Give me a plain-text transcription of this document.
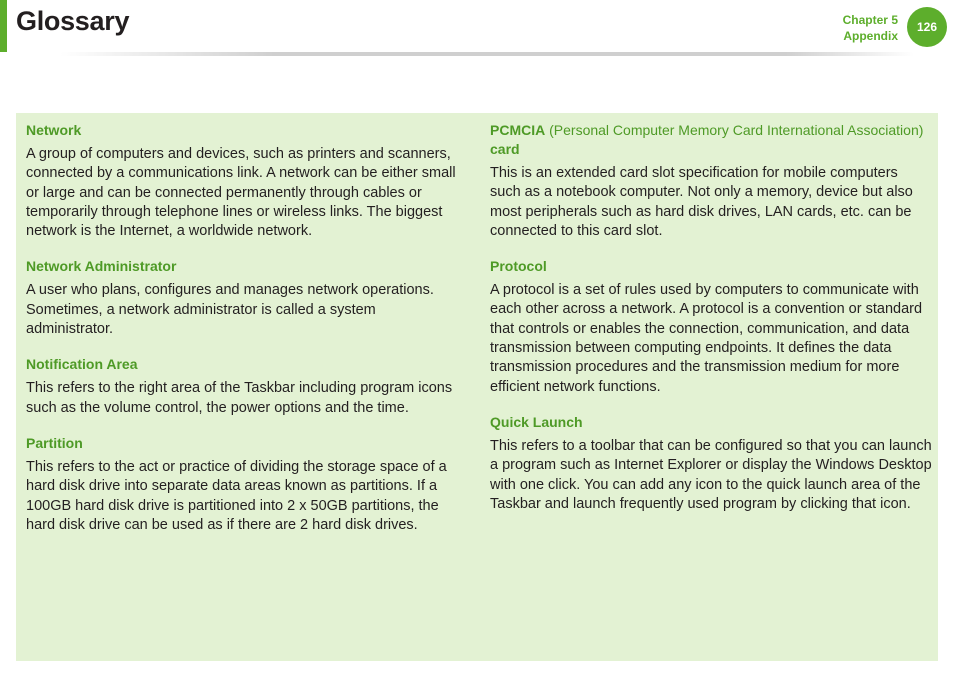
Glossary	Chapter 5
Appendix
126
Network
A group of computers and devices, such as printers and scanners, connected by a communications link. A network can be either small or large and can be connected permanently through cables or temporarily through telephone lines or wireless links. The biggest network is the Internet, a worldwide network.
Network Administrator
A user who plans, configures and manages network operations. Sometimes, a network administrator is called a system administrator.
Notification Area
This refers to the right area of the Taskbar including program icons such as the volume control, the power options and the time.
Partition
This refers to the act or practice of dividing the storage space of a hard disk drive into separate data areas known as partitions. If a 100GB hard disk drive is partitioned into 2 x 50GB partitions, the hard disk drive can be used as if there are 2 hard disk drives.
PCMCIA (Personal Computer Memory Card International Association) card
This is an extended card slot specification for mobile computers such as a notebook computer. Not only a memory, device but also most peripherals such as hard disk drives, LAN cards, etc. can be connected to this card slot.
Protocol
A protocol is a set of rules used by computers to communicate with each other across a network. A protocol is a convention or standard that controls or enables the connection, communication, and data transmission between computing endpoints. It defines the data transmission procedures and the transmission medium for more efficient network functions.
Quick Launch
This refers to a toolbar that can be configured so that you can launch a program such as Internet Explorer or display the Windows Desktop with one click. You can add any icon to the quick launch area of the Taskbar and launch frequently used program by clicking that icon.
